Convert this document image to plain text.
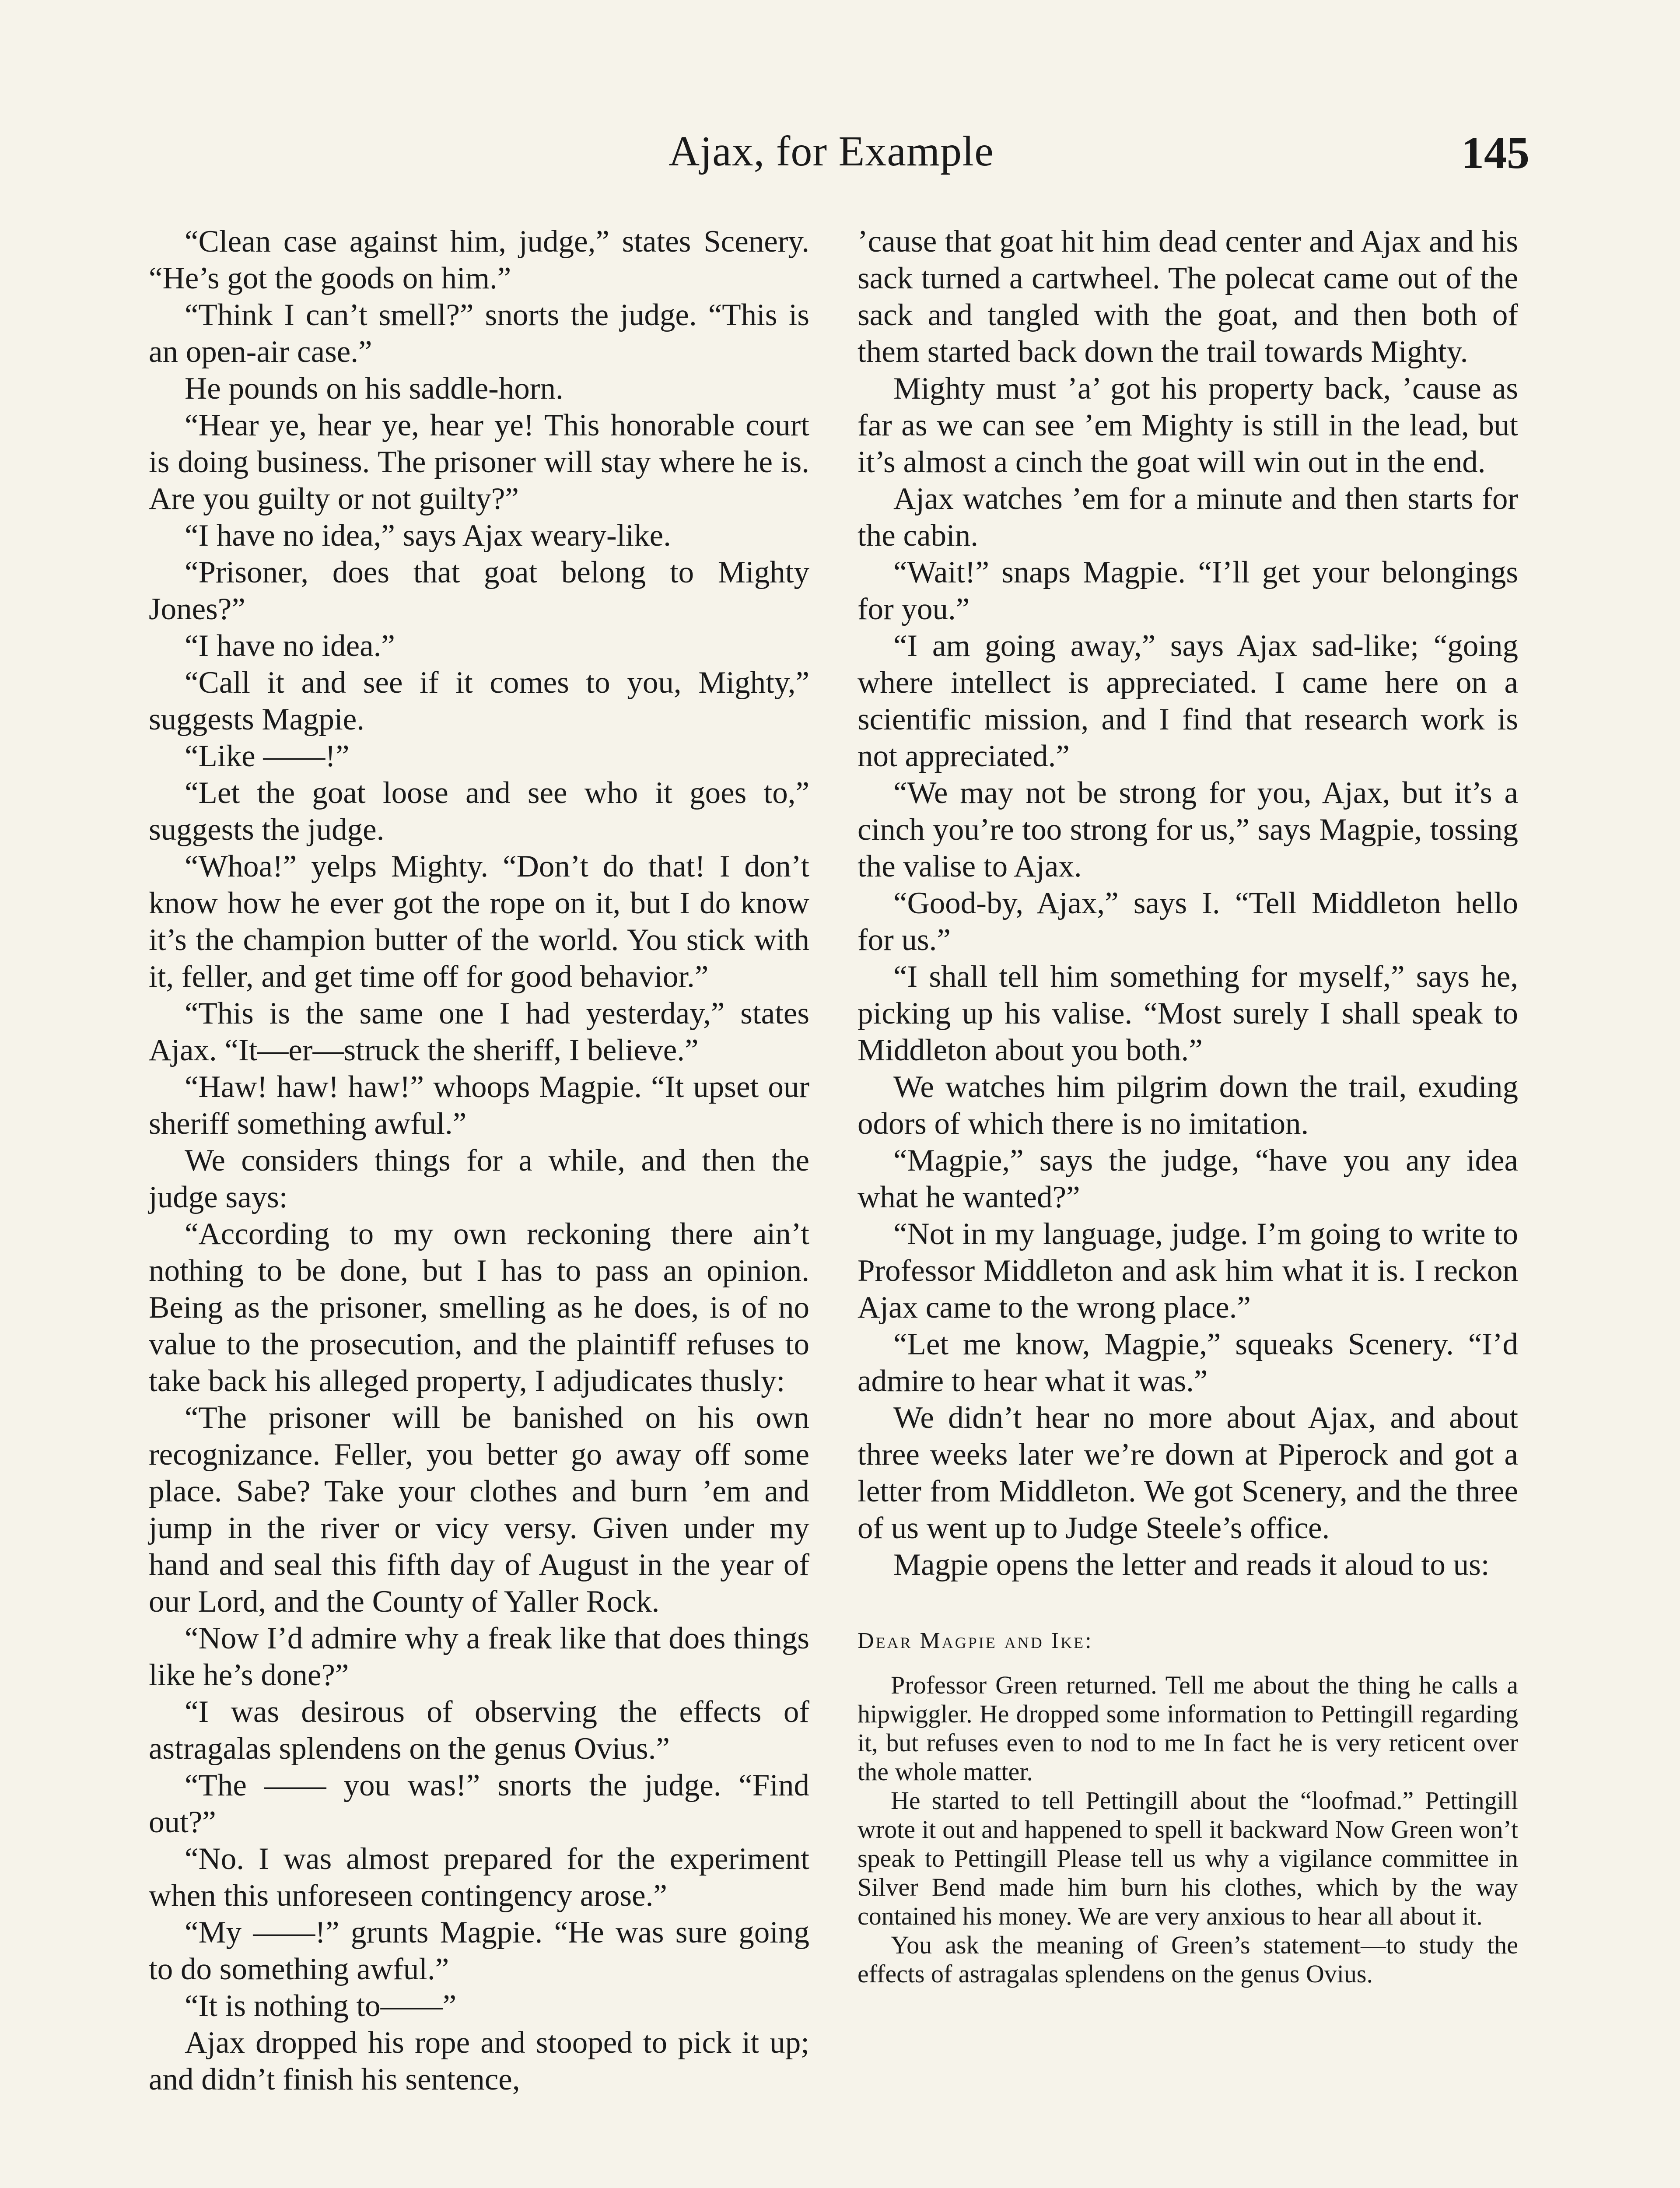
Ajax, for Example	145

“Clean case against him, judge,” states Scenery. “He’s got the goods on him.”

“Think I can’t smell?” snorts the judge. “This is an open-air case.”

He pounds on his saddle-horn.

“Hear ye, hear ye, hear ye! This honorable court is doing business. The prisoner will stay where he is. Are you guilty or not guilty?”

“I have no idea,” says Ajax weary-like.

“Prisoner, does that goat belong to Mighty Jones?”

“I have no idea.”

“Call it and see if it comes to you, Mighty,” suggests Magpie.

“Like ——!”

“Let the goat loose and see who it goes to,” suggests the judge.

“Whoa!” yelps Mighty. “Don’t do that! I don’t know how he ever got the rope on it, but I do know it’s the champion butter of the world. You stick with it, feller, and get time off for good behavior.”

“This is the same one I had yesterday,” states Ajax. “It—er—struck the sheriff, I believe.”

“Haw! haw! haw!” whoops Magpie. “It upset our sheriff something awful.”

We considers things for a while, and then the judge says:

“According to my own reckoning there ain’t nothing to be done, but I has to pass an opinion. Being as the prisoner, smelling as he does, is of no value to the prosecution, and the plaintiff refuses to take back his alleged property, I adjudicates thusly:

“The prisoner will be banished on his own recognizance. Feller, you better go away off some place. Sabe? Take your clothes and burn ’em and jump in the river or vicy versy. Given under my hand and seal this fifth day of August in the year of our Lord, and the County of Yaller Rock.

“Now I’d admire why a freak like that does things like he’s done?”

“I was desirous of observing the effects of astragalas splendens on the genus Ovius.”

“The —— you was!” snorts the judge. “Find out?”

“No. I was almost prepared for the experiment when this unforeseen contingency arose.”

“My ——!” grunts Magpie. “He was sure going to do something awful.”

“It is nothing to——”

Ajax dropped his rope and stooped to pick it up; and didn’t finish his sentence,

’cause that goat hit him dead center and Ajax and his sack turned a cartwheel. The polecat came out of the sack and tangled with the goat, and then both of them started back down the trail towards Mighty.

Mighty must ’a’ got his property back, ’cause as far as we can see ’em Mighty is still in the lead, but it’s almost a cinch the goat will win out in the end.

Ajax watches ’em for a minute and then starts for the cabin.

“Wait!” snaps Magpie. “I’ll get your belongings for you.”

“I am going away,” says Ajax sad-like; “going where intellect is appreciated. I came here on a scientific mission, and I find that research work is not appreciated.”

“We may not be strong for you, Ajax, but it’s a cinch you’re too strong for us,” says Magpie, tossing the valise to Ajax.

“Good-by, Ajax,” says I. “Tell Middleton hello for us.”

“I shall tell him something for myself,” says he, picking up his valise. “Most surely I shall speak to Middleton about you both.”

We watches him pilgrim down the trail, exuding odors of which there is no imitation.

“Magpie,” says the judge, “have you any idea what he wanted?”

“Not in my language, judge. I’m going to write to Professor Middleton and ask him what it is. I reckon Ajax came to the wrong place.”

“Let me know, Magpie,” squeaks Scenery. “I’d admire to hear what it was.”

We didn’t hear no more about Ajax, and about three weeks later we’re down at Piperock and got a letter from Middleton. We got Scenery, and the three of us went up to Judge Steele’s office.

Magpie opens the letter and reads it aloud to us:

Dear Magpie and Ike:

Professor Green returned. Tell me about the thing he calls a hipwiggler. He dropped some information to Pettingill regarding it, but refuses even to nod to me In fact he is very reticent over the whole matter.

He started to tell Pettingill about the “loofmad.” Pettingill wrote it out and happened to spell it backward Now Green won’t speak to Pettingill Please tell us why a vigilance committee in Silver Bend made him burn his clothes, which by the way contained his money. We are very anxious to hear all about it.

You ask the meaning of Green’s statement—to study the effects of astragalas splendens on the genus Ovius.
